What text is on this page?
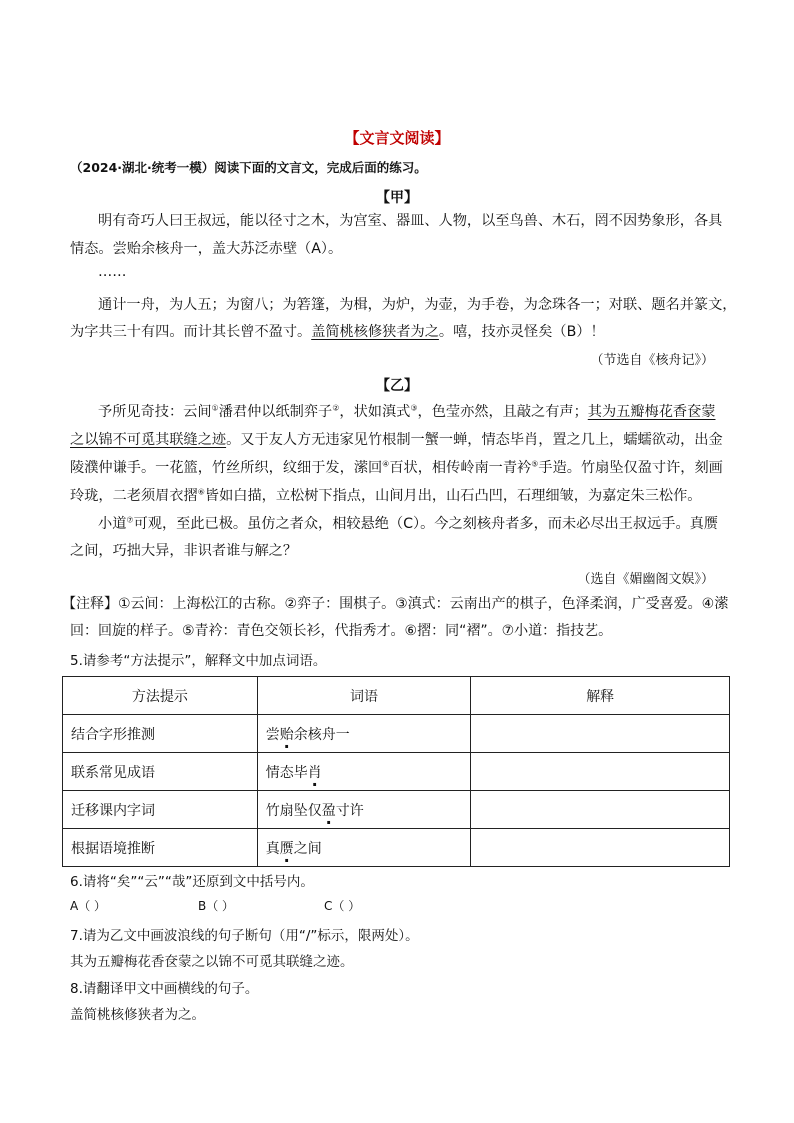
【文言文阅读】
（2024·湖北·统考一模）阅读下面的文言文，完成后面的练习。
【甲】
明有奇巧人曰王叔远，能以径寸之木，为宫室、器皿、人物，以至鸟兽、木石，罔不因势象形，各具
情态。尝贻余核舟一，盖大苏泛赤壁（A）。
……
通计一舟，为人五；为窗八；为箬篷，为楫，为炉，为壶，为手卷，为念珠各一；对联、题名并篆文，
为字共三十有四。而计其长曾不盈寸。盖简桃核修狭者为之。嘻，技亦灵怪矣（B）！
（节选自《核舟记》）
【乙】
予所见奇技：云间①潘君仲以纸制弈子②，状如滇式③，色莹亦然，且敲之有声；其为五瓣梅花香奁蒙
之以锦不可觅其联缝之迹。又于友人方无违家见竹根制一蟹一蝉，情态毕肖，置之几上，蠕蠕欲动，出金
陵濮仲谦手。一花篮，竹丝所织，纹细于发，潆回④百状，相传岭南一青衿⑤手造。竹扇坠仅盈寸许，刻画
玲珑，二老须眉衣摺⑥皆如白描，立松树下指点，山间月出，山石凸凹，石理细皱，为嘉定朱三松作。
小道⑦可观，至此已极。虽仿之者众，相较悬绝（C）。今之刻核舟者多，而未必尽出王叔远手。真赝
之间，巧拙大异，非识者谁与解之？
（选自《媚幽阁文娱》）
【注释】①云间：上海松江的古称。②弈子：围棋子。③滇式：云南出产的棋子，色泽柔润，广受喜爱。④潆
回：回旋的样子。⑤青衿：青色交领长衫，代指秀才。⑥摺：同“褶”。⑦小道：指技艺。
5.请参考“方法提示”，解释文中加点词语。
方法提示	词语	解释
结合字形推测	尝贻余核舟一	
联系常见成语	情态毕肖	
迁移课内字词	竹扇坠仅盈寸许	
根据语境推断	真赝之间	
6.请将“矣”“云”“哉”还原到文中括号内。
A（ ）	B（ ）	C（ ）
7.请为乙文中画波浪线的句子断句（用“/”标示，限两处）。
其为五瓣梅花香奁蒙之以锦不可觅其联缝之迹。
8.请翻译甲文中画横线的句子。
盖简桃核修狭者为之。
